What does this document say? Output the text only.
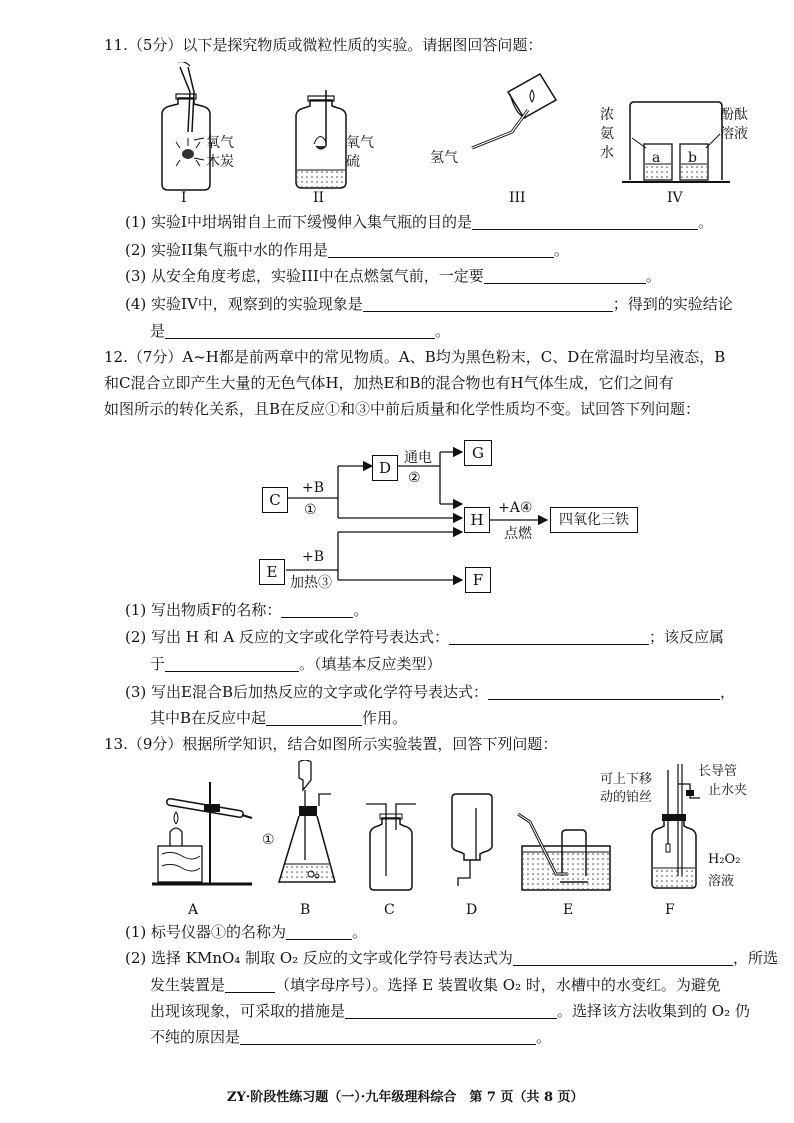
11.（5分）以下是探究物质或微粒性质的实验。请据图回答问题：
氧气
木炭
I
氧气
硫
II
氢气
III
浓
氨
水	a b
酚酞
溶液
IV
(1) 实验I中坩埚钳自上而下缓慢伸入集气瓶的目的是	。
(2) 实验II集气瓶中水的作用是	。
(3) 从安全角度考虑，实验III中在点燃氢气前，一定要	。
(4) 实验IV中，观察到的实验现象是	；得到的实验结论
是	。
12.（7分）A~H都是前两章中的常见物质。A、B均为黑色粉末，C、D在常温时均呈液态，B
和C混合立即产生大量的无色气体H，加热E和B的混合物也有H气体生成，它们之间有
如图所示的转化关系，且B在反应①和③中前后质量和化学性质均不变。试回答下列问题：
C
D
G
H
E	F
四氧化三铁
+B
①
通电
②
+B
加热③
+A④
点燃
(1) 写出物质F的名称：	。
(2) 写出 H 和 A 反应的文字或化学符号表达式：	；该反应属
于	。（填基本反应类型）
(3) 写出E混合B后加热反应的文字或化学符号表达式：	，
其中B在反应中起	作用。
13.（9分）根据所学知识，结合如图所示实验装置，回答下列问题：
A
①
B	C	D	E
可上下移
动的铂丝
长导管
止水夹
H₂O₂
溶液
F
(1) 标号仪器①的名称为	。
(2) 选择 KMnO₄ 制取 O₂ 反应的文字或化学符号表达式为	，所选
发生装置是	（填字母序号）。选择 E 装置收集 O₂ 时，水槽中的水变红。为避免
出现该现象，可采取的措施是	。选择该方法收集到的 O₂ 仍
不纯的原因是	。
ZY·阶段性练习题（一）·九年级理科综合　第 7 页（共 8 页）
